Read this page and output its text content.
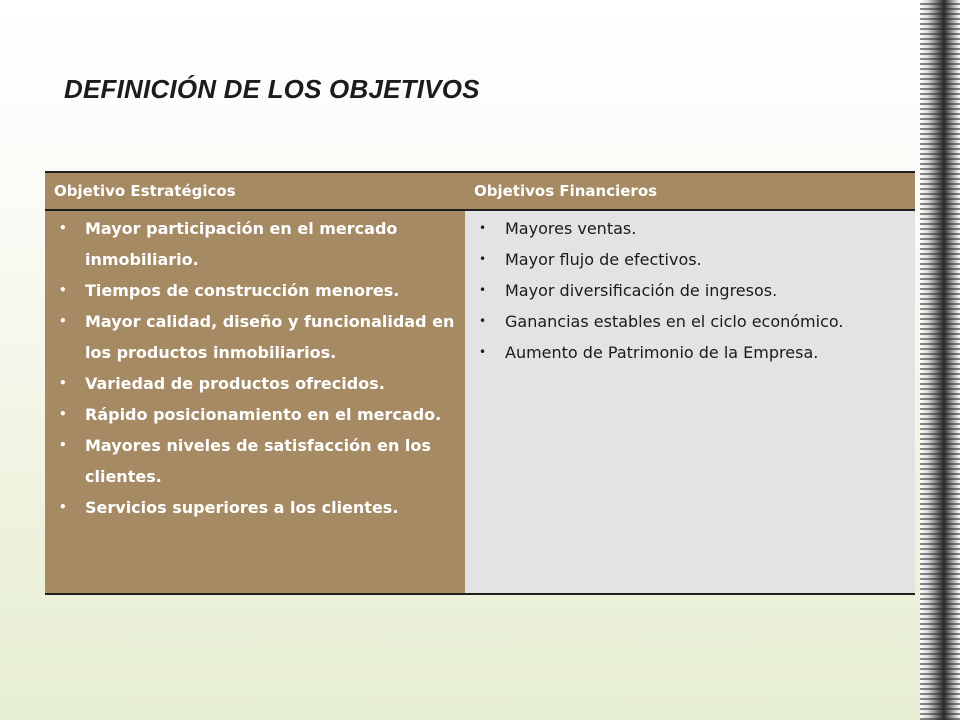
DEFINICIÓN DE LOS OBJETIVOS
Objetivo Estratégicos	Objetivos Financieros
• Mayor participación en el mercado inmobiliario.
• Tiempos de construcción menores.
• Mayor calidad, diseño y funcionalidad en los productos inmobiliarios.
• Variedad de productos ofrecidos.
• Rápido posicionamiento en el mercado.
• Mayores niveles de satisfacción en los clientes.
• Servicios superiores a los clientes.
• Mayores ventas.
• Mayor flujo de efectivos.
• Mayor diversificación de ingresos.
• Ganancias estables en el ciclo económico.
• Aumento de Patrimonio de la Empresa.
